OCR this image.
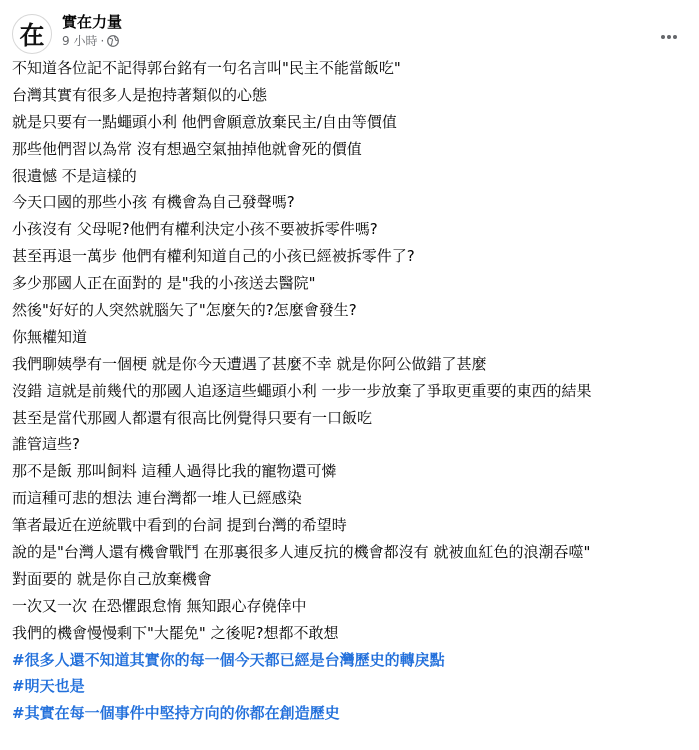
在 實在力量
9 小時 ·
不知道各位記不記得郭台銘有一句名言叫"民主不能當飯吃"
台灣其實有很多人是抱持著類似的心態
就是只要有一點蠅頭小利 他們會願意放棄民主/自由等價值
那些他們習以為常 沒有想過空氣抽掉他就會死的價值
很遺憾 不是這樣的
今天口國的那些小孩 有機會為自己發聲嗎?
小孩沒有 父母呢?他們有權利決定小孩不要被拆零件嗎?
甚至再退一萬步 他們有權利知道自己的小孩已經被拆零件了?
多少那國人正在面對的 是"我的小孩送去醫院"
然後"好好的人突然就腦矢了"怎麼矢的?怎麼會發生?
你無權知道
我們聊姨學有一個梗 就是你今天遭遇了甚麼不幸 就是你阿公做錯了甚麼
沒錯 這就是前幾代的那國人追逐這些蠅頭小利 一步一步放棄了爭取更重要的東西的結果
甚至是當代那國人都還有很高比例覺得只要有一口飯吃
誰管這些?
那不是飯 那叫飼料 這種人過得比我的寵物還可憐
而這種可悲的想法 連台灣都一堆人已經感染
筆者最近在逆統戰中看到的台詞 提到台灣的希望時
說的是"台灣人還有機會戰鬥 在那裏很多人連反抗的機會都沒有 就被血紅色的浪潮吞噬"
對面要的 就是你自己放棄機會
一次又一次 在恐懼跟怠惰 無知跟心存僥倖中
我們的機會慢慢剩下"大罷免" 之後呢?想都不敢想
#很多人還不知道其實你的每一個今天都已經是台灣歷史的轉戾點
#明天也是
#其實在每一個事件中堅持方向的你都在創造歷史
